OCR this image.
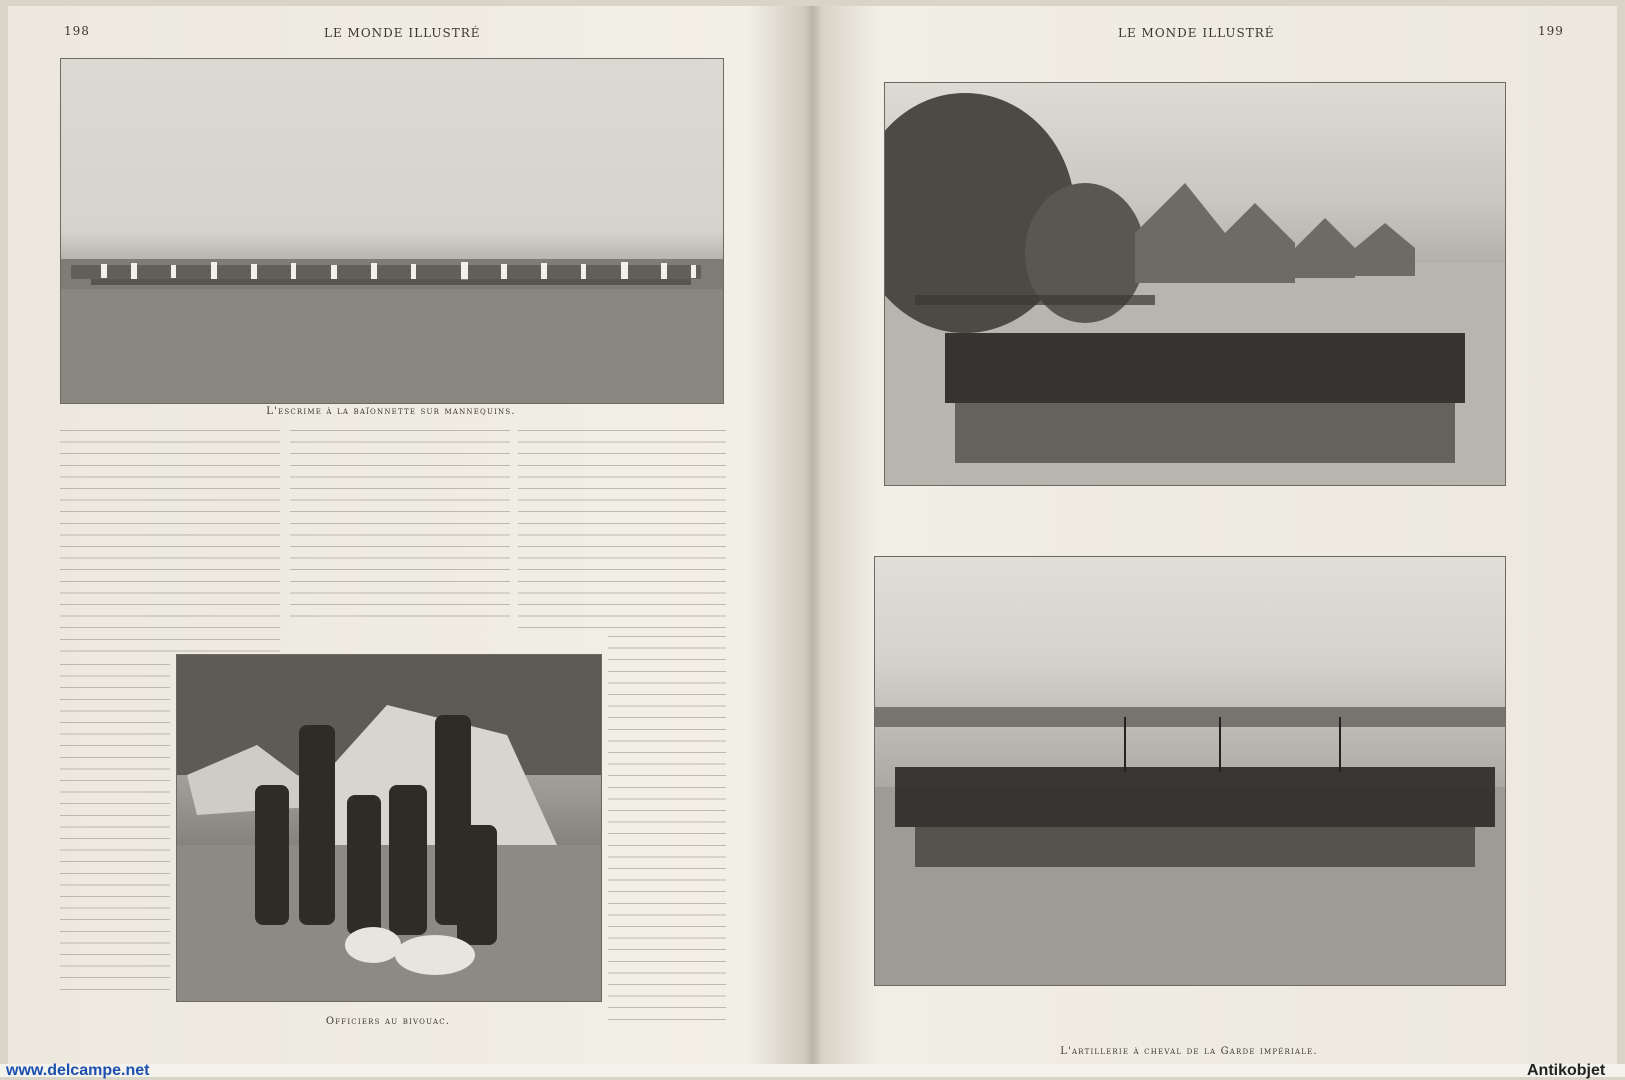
198	LE MONDE ILLUSTRÉ
L'escrime à la baïonnette sur mannequins.
Officiers au bivouac.
LE MONDE ILLUSTRÉ	199
L'artillerie à cheval de la Garde impériale.
www.delcampe.net	Antikobjet
